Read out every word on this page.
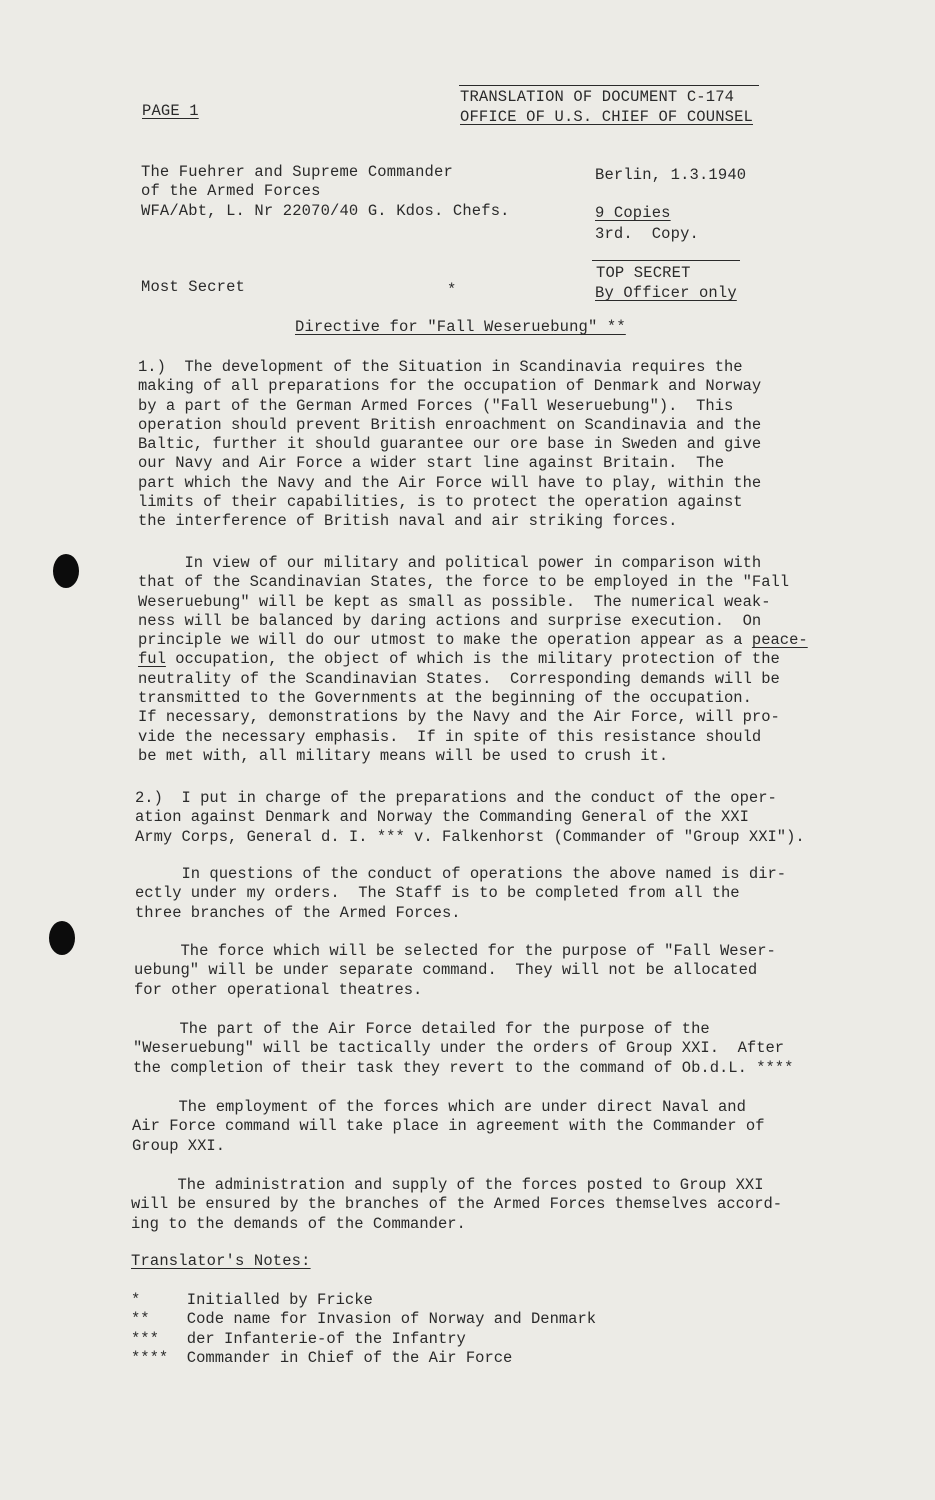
PAGE 1
TRANSLATION OF DOCUMENT C-174
OFFICE OF U.S. CHIEF OF COUNSEL
The Fuehrer and Supreme Commander
of the Armed Forces
WFA/Abt, L. Nr 22070/40 G. Kdos. Chefs.
Berlin, 1.3.1940
9 Copies
3rd.  Copy.
TOP SECRET
By Officer only
Most Secret	*
Directive for "Fall Weseruebung" **
1.)  The development of the Situation in Scandinavia requires the
making of all preparations for the occupation of Denmark and Norway
by a part of the German Armed Forces ("Fall Weseruebung").  This
operation should prevent British enroachment on Scandinavia and the
Baltic, further it should guarantee our ore base in Sweden and give
our Navy and Air Force a wider start line against Britain.  The
part which the Navy and the Air Force will have to play, within the
limits of their capabilities, is to protect the operation against
the interference of British naval and air striking forces.
In view of our military and political power in comparison with
that of the Scandinavian States, the force to be employed in the "Fall
Weseruebung" will be kept as small as possible.  The numerical weak-
ness will be balanced by daring actions and surprise execution.  On
principle we will do our utmost to make the operation appear as a peace-
ful occupation, the object of which is the military protection of the
neutrality of the Scandinavian States.  Corresponding demands will be
transmitted to the Governments at the beginning of the occupation.
If necessary, demonstrations by the Navy and the Air Force, will pro-
vide the necessary emphasis.  If in spite of this resistance should
be met with, all military means will be used to crush it.
2.)  I put in charge of the preparations and the conduct of the oper-
ation against Denmark and Norway the Commanding General of the XXI
Army Corps, General d. I. *** v. Falkenhorst (Commander of "Group XXI").
In questions of the conduct of operations the above named is dir-
ectly under my orders.  The Staff is to be completed from all the
three branches of the Armed Forces.
The force which will be selected for the purpose of "Fall Weser-
uebung" will be under separate command.  They will not be allocated
for other operational theatres.
The part of the Air Force detailed for the purpose of the
"Weseruebung" will be tactically under the orders of Group XXI.  After
the completion of their task they revert to the command of Ob.d.L. ****
The employment of the forces which are under direct Naval and
Air Force command will take place in agreement with the Commander of
Group XXI.
The administration and supply of the forces posted to Group XXI
will be ensured by the branches of the Armed Forces themselves accord-
ing to the demands of the Commander.
Translator's Notes:
*     Initialled by Fricke
**    Code name for Invasion of Norway and Denmark
***   der Infanterie-of the Infantry
****  Commander in Chief of the Air Force
